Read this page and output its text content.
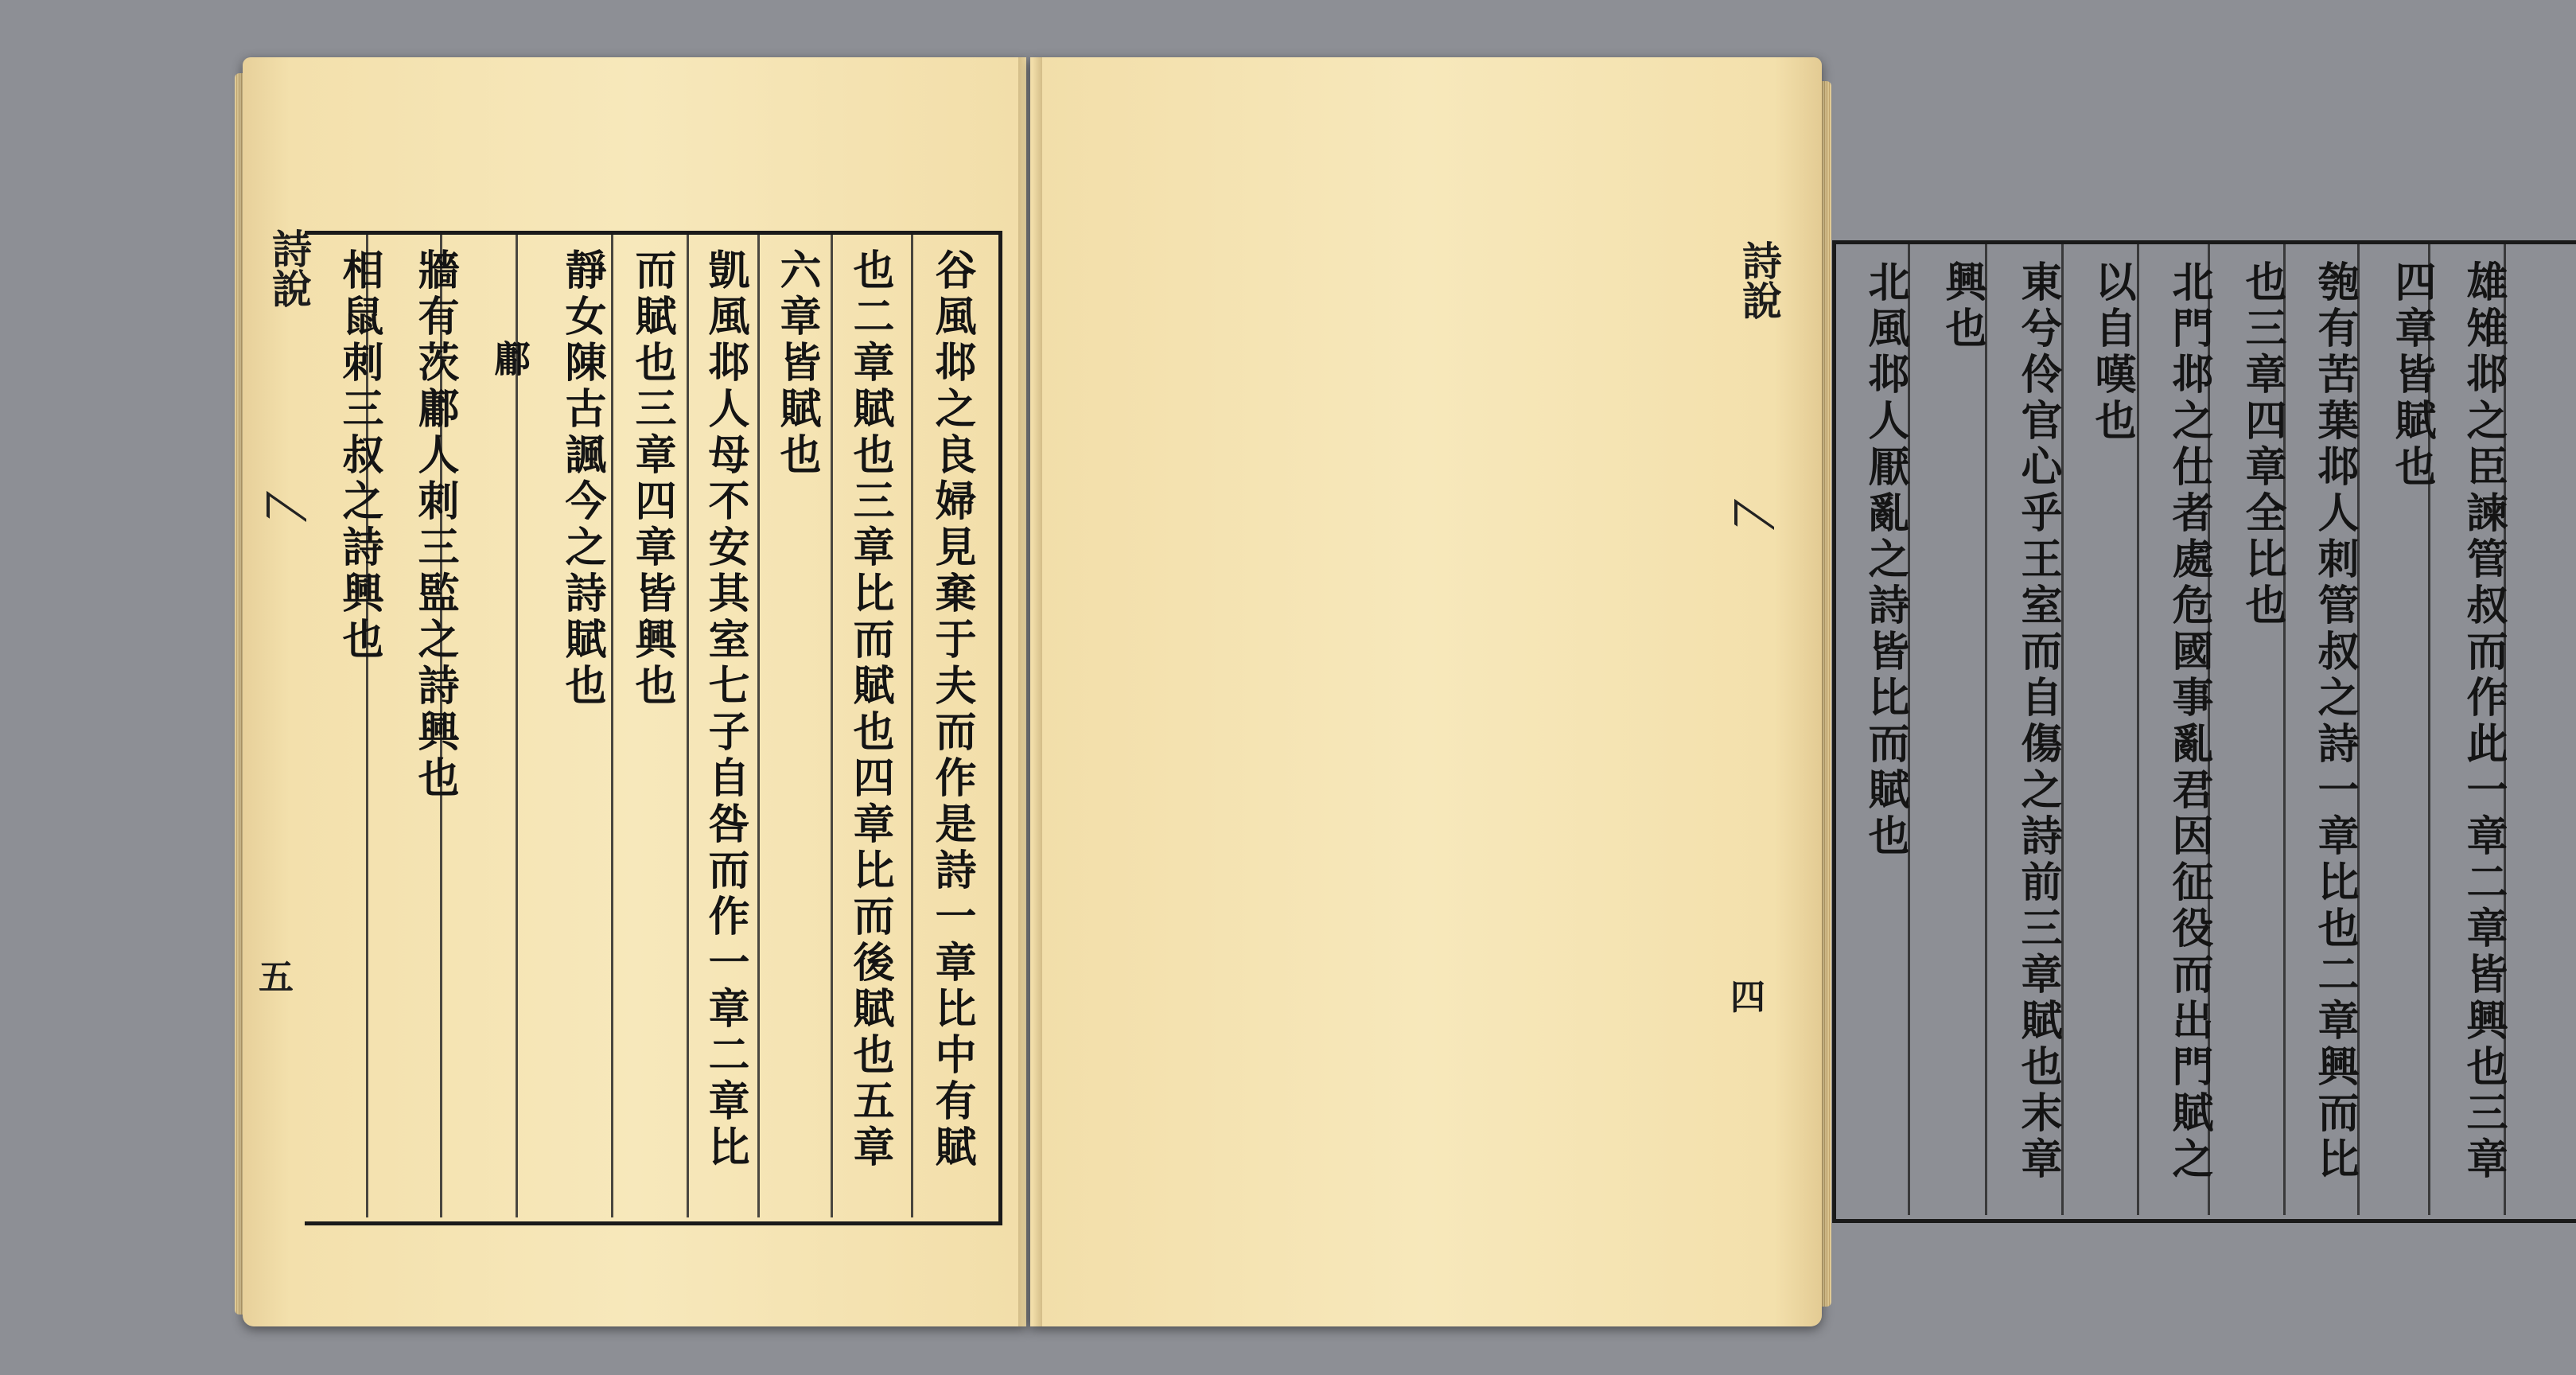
詩說
五	谷風邶之良婦見棄于夫而作是詩一章比中有賦
也二章賦也三章比而賦也四章比而後賦也五章
六章皆賦也
凱風邶人母不安其室七子自咎而作一章二章比
而賦也三章四章皆興也
靜女陳古諷今之詩賦也
鄘
牆有茨鄘人刺三監之詩興也
相鼠刺三叔之詩興也	詩說
四	雄雉邶之臣諫管叔而作此一章二章皆興也三章
四章皆賦也
匏有苦葉邶人刺管叔之詩一章比也二章興而比
也三章四章全比也
北門邶之仕者處危國事亂君因征役而出門賦之
以自嘆也
東兮伶官心乎王室而自傷之詩前三章賦也末章
興也
北風邶人厭亂之詩皆比而賦也
